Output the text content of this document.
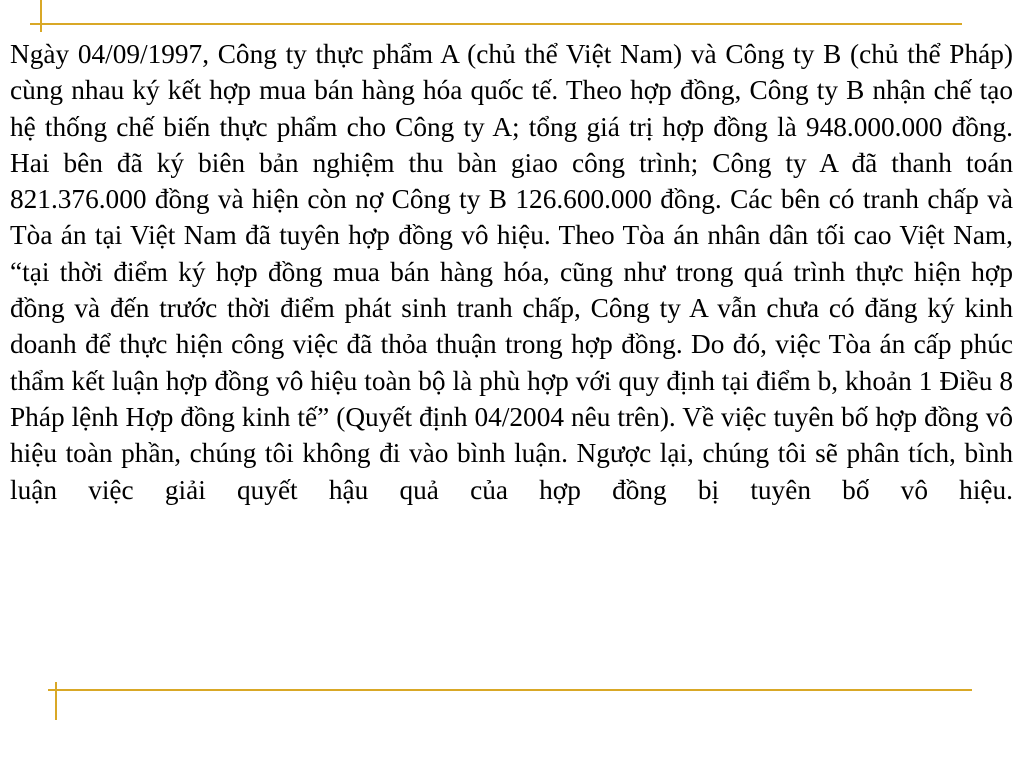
Ngày 04/09/1997, Công ty thực phẩm A (chủ thể Việt Nam) và Công ty B (chủ thể Pháp) cùng nhau ký kết hợp mua bán hàng hóa quốc tế. Theo hợp đồng, Công ty B nhận chế tạo hệ thống chế biến thực phẩm cho Công ty A; tổng giá trị hợp đồng là 948.000.000 đồng. Hai bên đã ký biên bản nghiệm thu bàn giao công trình; Công ty A đã thanh toán 821.376.000 đồng và hiện còn nợ Công ty B 126.600.000 đồng. Các bên có tranh chấp và Tòa án tại Việt Nam đã tuyên hợp đồng vô hiệu. Theo Tòa án nhân dân tối cao Việt Nam, “tại thời điểm ký hợp đồng mua bán hàng hóa, cũng như trong quá trình thực hiện hợp đồng và đến trước thời điểm phát sinh tranh chấp, Công ty A vẫn chưa có đăng ký kinh doanh để thực hiện công việc đã thỏa thuận trong hợp đồng. Do đó, việc Tòa án cấp phúc thẩm kết luận hợp đồng vô hiệu toàn bộ là phù hợp với quy định tại điểm b, khoản 1 Điều 8 Pháp lệnh Hợp đồng kinh tế” (Quyết định 04/2004 nêu trên). Về việc tuyên bố hợp đồng vô hiệu toàn phần, chúng tôi không đi vào bình luận. Ngược lại, chúng tôi sẽ phân tích, bình luận việc giải quyết hậu quả của hợp đồng bị tuyên bố vô hiệu.
